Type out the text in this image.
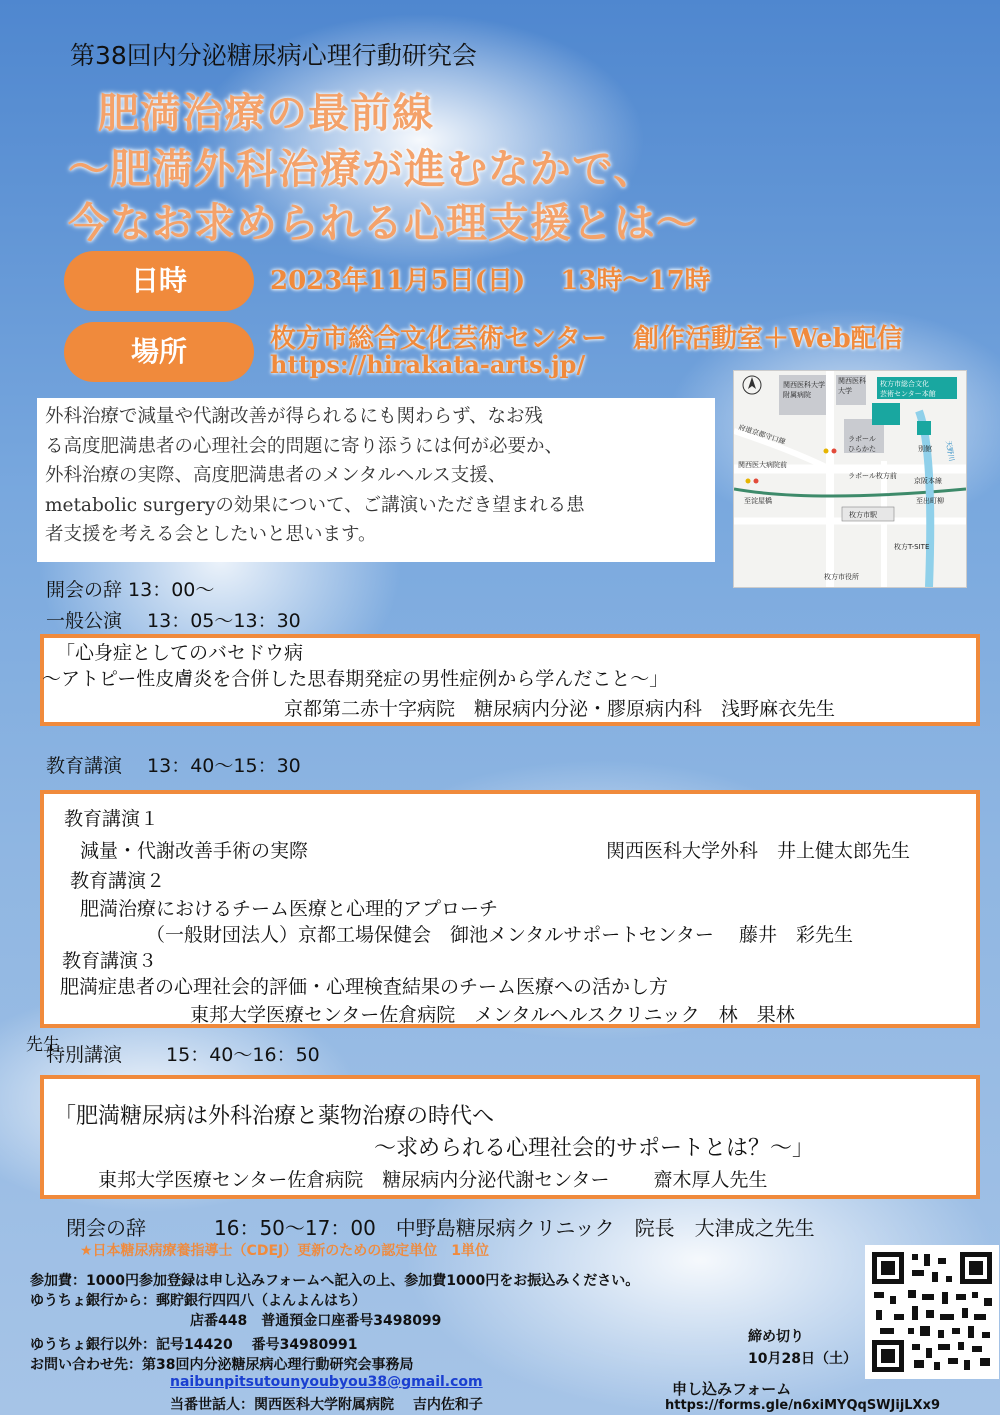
第38回内分泌糖尿病心理行動研究会
肥満治療の最前線
〜肥満外科治療が進むなかで、
今なお求められる心理支援とは〜
日時	2023年11月5日(日)　 13時〜17時
場所	枚方市総合文化芸術センター　創作活動室＋Web配信
https://hirakata-arts.jp/
外科治療で減量や代謝改善が得られるにも関わらず、なお残
る高度肥満患者の心理社会的問題に寄り添うには何が必要か、
外科治療の実際、高度肥満患者のメンタルヘルス支援、
metabolic surgeryの効果について、ご講演いただき望まれる患
者支援を考える会としたいと思います。
関西医科大学
附属病院
関西医科
大学
枚方市総合文化
芸術センター本館
府道京都守口線	ラポール
ひらかた	別館 天野川
関西医大病院前
ラポール枚方前
京阪本線
至淀屋橋	至出町柳
枚方市駅
枚方T-SITE
枚方市役所
開会の辞 13：00〜
一般公演　 13：05〜13：30
「心身症としてのバセドウ病
〜アトピー性皮膚炎を合併した思春期発症の男性症例から学んだこと〜」
京都第二赤十字病院　糖尿病内分泌・膠原病内科　浅野麻衣先生
教育講演　 13：40〜15：30
教育講演１
減量・代謝改善手術の実際	関西医科大学外科　井上健太郎先生
教育講演２
肥満治療におけるチーム医療と心理的アプローチ
（一般財団法人）京都工場保健会　御池メンタルサポートセンター　 藤井　彩先生
教育講演３
肥満症患者の心理社会的評価・心理検査結果のチーム医療への活かし方
東邦大学医療センター佐倉病院　メンタルヘルスクリニック　林　果林
先生
特別講演　　 15：40〜16：50
「肥満糖尿病は外科治療と薬物治療の時代へ
〜求められる心理社会的サポートとは？〜」
東邦大学医療センター佐倉病院　糖尿病内分泌代謝センター　　 齋木厚人先生
閉会の辞	16：50〜17：00　中野島糖尿病クリニック　院長　大津成之先生
★日本糖尿病療養指導士（CDEJ）更新のための認定単位　1単位
参加費：1000円参加登録は申し込みフォームへ記入の上、参加費1000円をお振込みください。
ゆうちょ銀行から：郵貯銀行四四八（よんよんはち）
店番448　普通預金口座番号3498099
ゆうちょ銀行以外：記号14420　 番号34980991
お問い合わせ先：第38回内分泌糖尿病心理行動研究会事務局
naibunpitsutounyoubyou38@gmail.com
当番世話人：関西医科大学附属病院　 吉内佐和子
締め切り
10月28日（土）
申し込みフォーム
https://forms.gle/n6xiMYQqSWJijLXx9
